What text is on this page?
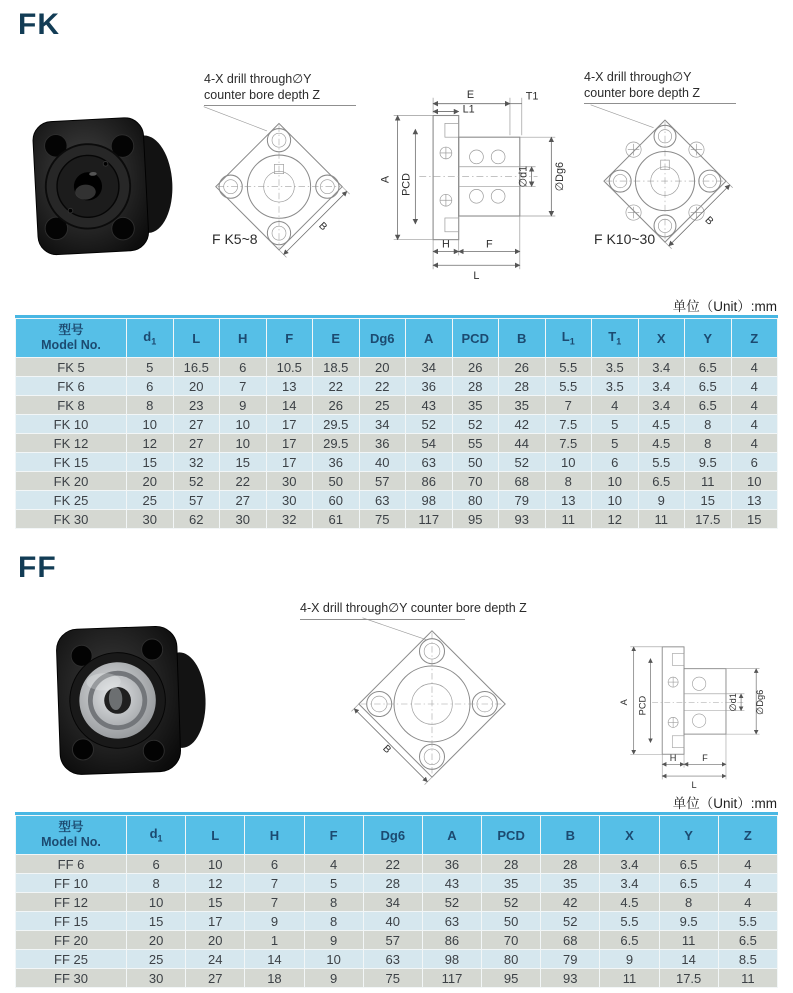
FK
4-X drill through∅Y
counter bore depth Z
B
F K5~8
A PCD
E	T1
L1
∅d1 ∅Dg6
H	F
L
4-X drill through∅Y
counter bore depth Z
B
F K10~30
单位（Unit）:mm
型号
Model No.	$d_1$	L	H	F	E	Dg6	A	PCD	B	$L_1$	$T_1$	X	Y	Z
FK 5	5	16.5	6	10.5	18.5	20	34	26	26	5.5	3.5	3.4	6.5	4
FK 6	6	20	7	13	22	22	36	28	28	5.5	3.5	3.4	6.5	4
FK 8	8	23	9	14	26	25	43	35	35	7	4	3.4	6.5	4
FK 10	10	27	10	17	29.5	34	52	52	42	7.5	5	4.5	8	4
FK 12	12	27	10	17	29.5	36	54	55	44	7.5	5	4.5	8	4
FK 15	15	32	15	17	36	40	63	50	52	10	6	5.5	9.5	6
FK 20	20	52	22	30	50	57	86	70	68	8	10	6.5	11	10
FK 25	25	57	27	30	60	63	98	80	79	13	10	9	15	13
FK 30	30	62	30	32	61	75	117	95	93	11	12	11	17.5	15
FF
4-X drill through∅Y counter bore depth Z
B
A PCD	∅d1 ∅Dg6
H F
L
单位（Unit）:mm
型号
Model No.	$d_1$	L	H	F	Dg6	A	PCD	B	X	Y	Z
FF 6	6	10	6	4	22	36	28	28	3.4	6.5	4
FF 10	8	12	7	5	28	43	35	35	3.4	6.5	4
FF 12	10	15	7	8	34	52	52	42	4.5	8	4
FF 15	15	17	9	8	40	63	50	52	5.5	9.5	5.5
FF 20	20	20	1	9	57	86	70	68	6.5	11	6.5
FF 25	25	24	14	10	63	98	80	79	9	14	8.5
FF 30	30	27	18	9	75	117	95	93	11	17.5	11
